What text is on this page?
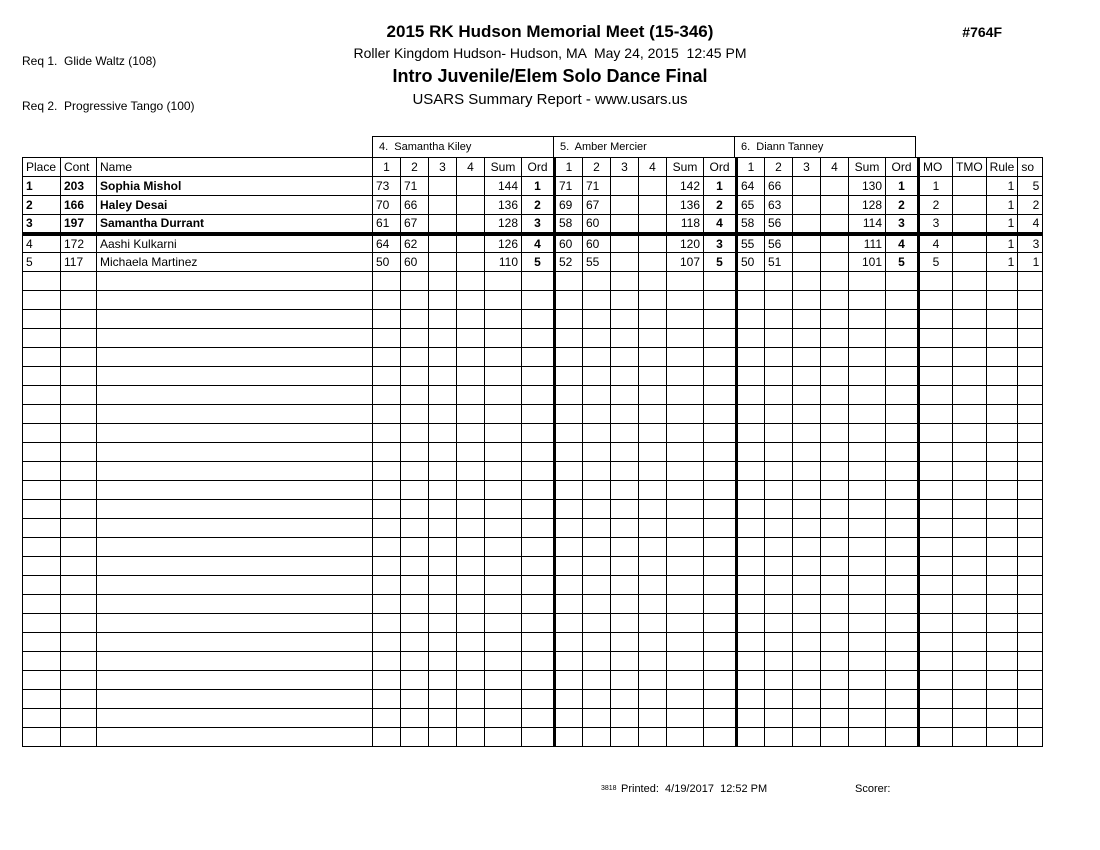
Req 1.  Glide Waltz (108)

Req 2.  Progressive Tango (100)

2015 RK Hudson Memorial Meet (15-346)
Roller Kingdom Hudson- Hudson, MA  May 24, 2015  12:45 PM
Intro Juvenile/Elem Solo Dance Final
USARS Summary Report - www.usars.us
#764F
4.  Samantha Kiley	5.  Amber Mercier	6.  Diann Tanney
Place	Cont	Name	1	2	3	4	Sum	Ord	1	2	3	4	Sum	Ord	1	2	3	4	Sum	Ord	MO	TMO	Rule	so
1	203	Sophia Mishol	73	71			144	1	71	71			142	1	64	66			130	1	1		1	5
2	166	Haley Desai	70	66			136	2	69	67			136	2	65	63			128	2	2		1	2
3	197	Samantha Durrant	61	67			128	3	58	60			118	4	58	56			114	3	3		1	4
4	172	Aashi Kulkarni	64	62			126	4	60	60			120	3	55	56			111	4	4		1	3
5	117	Michaela Martinez	50	60			110	5	52	55			107	5	50	51			101	5	5		1	1

3818 Printed:  4/19/2017  12:52 PM	Scorer:
